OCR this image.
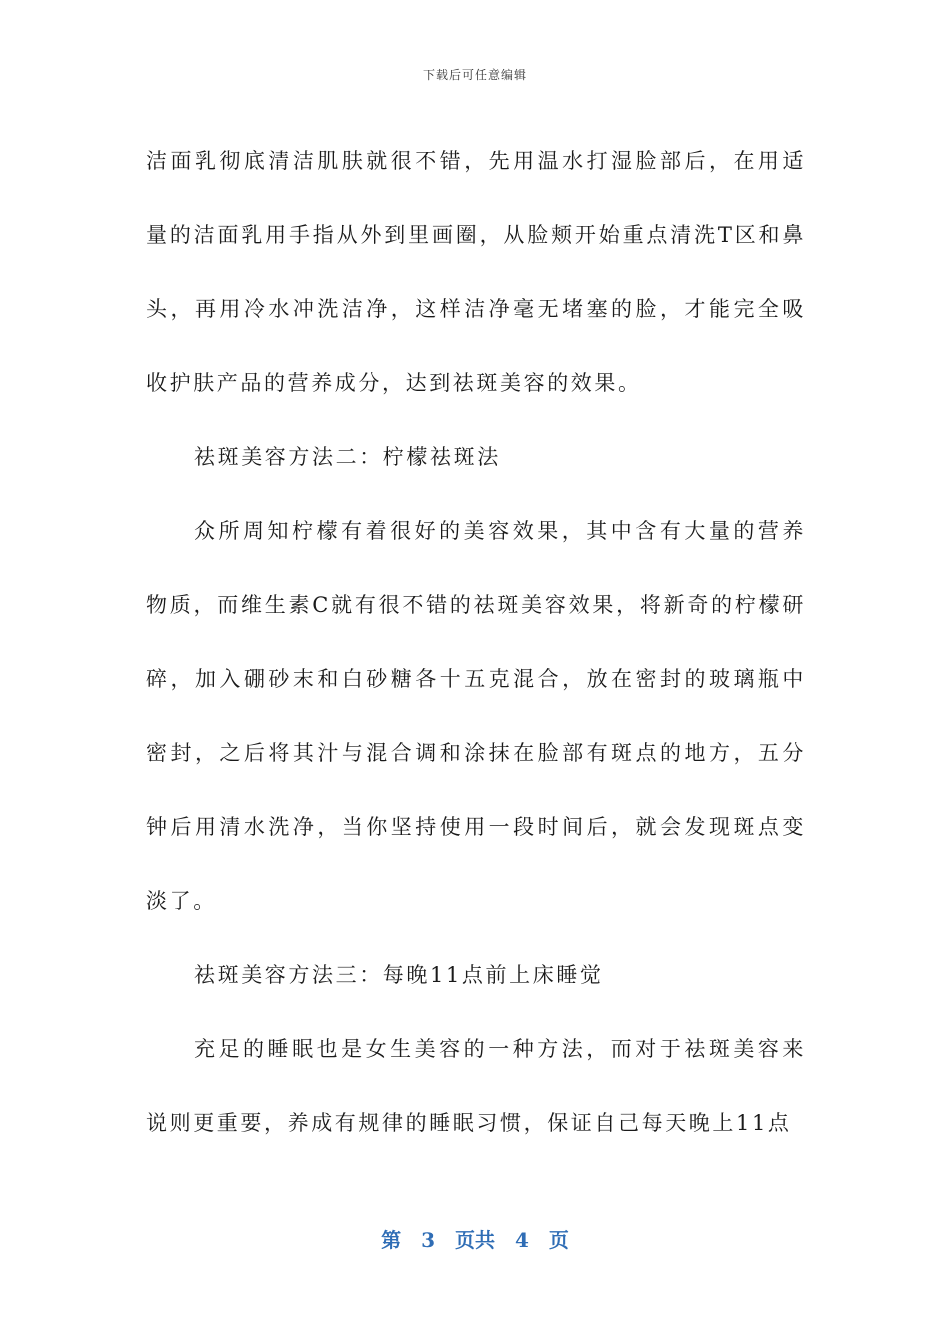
下载后可任意编辑

洁面乳彻底清洁肌肤就很不错，先用温水打湿脸部后，在用适量的洁面乳用手指从外到里画圈，从脸颊开始重点清洗T区和鼻头，再用冷水冲洗洁净，这样洁净毫无堵塞的脸，才能完全吸收护肤产品的营养成分，达到祛斑美容的效果。

祛斑美容方法二：柠檬祛斑法

众所周知柠檬有着很好的美容效果，其中含有大量的营养物质，而维生素C就有很不错的祛斑美容效果，将新奇的柠檬研碎，加入硼砂末和白砂糖各十五克混合，放在密封的玻璃瓶中密封，之后将其汁与混合调和涂抹在脸部有斑点的地方，五分钟后用清水洗净，当你坚持使用一段时间后，就会发现斑点变淡了。

祛斑美容方法三：每晚11点前上床睡觉

充足的睡眠也是女生美容的一种方法，而对于祛斑美容来说则更重要，养成有规律的睡眠习惯，保证自己每天晚上11点

第 3 页共 4 页
